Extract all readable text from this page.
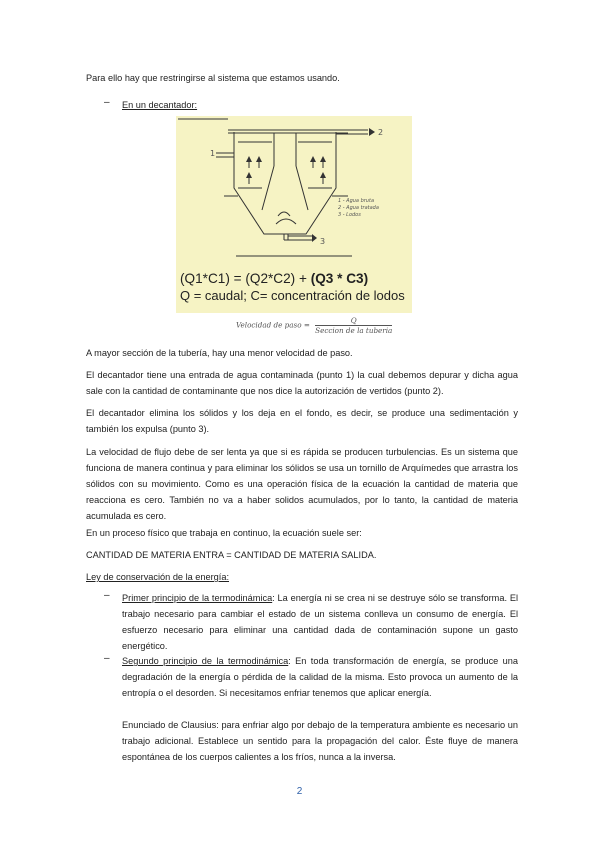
Para ello hay que restringirse al sistema que estamos usando.

– En un decantador:

1
2
3
1 - Agua bruta
2 - Agua tratada
3 - Lodos
(Q1*C1) = (Q2*C2) + (Q3 * C3)
Q = caudal; C= concentración de lodos
Velocidad de paso = $\frac{Q}{\text{Seccion de la tuberia}}$

A mayor sección de la tubería, hay una menor velocidad de paso.

El decantador tiene una entrada de agua contaminada (punto 1) la cual debemos depurar y dicha agua sale con la cantidad de contaminante que nos dice la autorización de vertidos (punto 2).

El decantador elimina los sólidos y los deja en el fondo, es decir, se produce una sedimentación y también los expulsa (punto 3).

La velocidad de flujo debe de ser lenta ya que si es rápida se producen turbulencias. Es un sistema que funciona de manera continua y para eliminar los sólidos se usa un tornillo de Arquímedes que arrastra los sólidos con su movimiento. Como es una operación física de la ecuación la cantidad de materia que reacciona es cero. También no va a haber solidos acumulados, por lo tanto, la cantidad de materia acumulada es cero.

En un proceso físico que trabaja en continuo, la ecuación suele ser:

CANTIDAD DE MATERIA ENTRA = CANTIDAD DE MATERIA SALIDA.

Ley de conservación de la energía:

– Primer principio de la termodinámica: La energía ni se crea ni se destruye sólo se transforma. El trabajo necesario para cambiar el estado de un sistema conlleva un consumo de energía. El esfuerzo necesario para eliminar una cantidad dada de contaminación supone un gasto energético.

– Segundo principio de la termodinámica: En toda transformación de energía, se produce una degradación de la energía o pérdida de la calidad de la misma. Esto provoca un aumento de la entropía o el desorden. Si necesitamos enfriar tenemos que aplicar energía.

Enunciado de Clausius: para enfriar algo por debajo de la temperatura ambiente es necesario un trabajo adicional. Establece un sentido para la propagación del calor. Éste fluye de manera espontánea de los cuerpos calientes a los fríos, nunca a la inversa.

2
